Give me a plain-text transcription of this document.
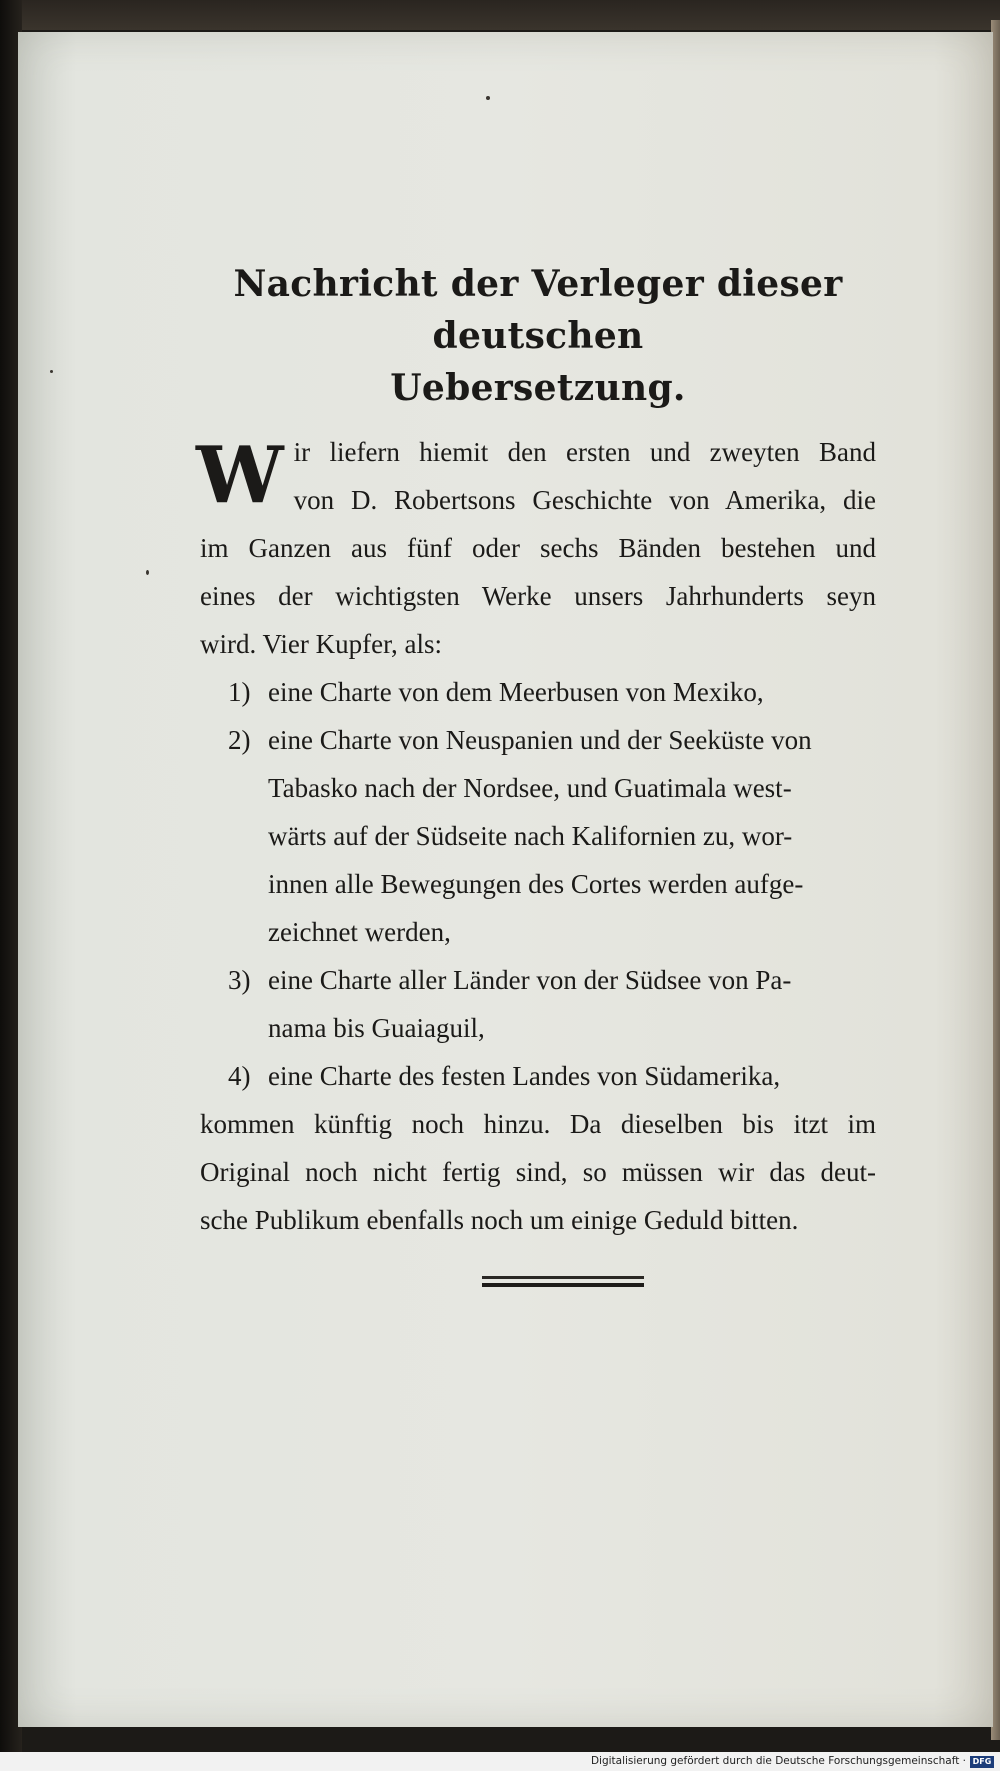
Nachricht der Verleger dieser deutschen
Uebersetzung.
W ir liefern hiemit den ersten und zweyten Band
von D. Robertsons Geschichte von Amerika, die
im Ganzen aus fünf oder sechs Bänden bestehen und
eines der wichtigsten Werke unsers Jahrhunderts seyn
wird. Vier Kupfer, als:
1) eine Charte von dem Meerbusen von Mexiko,
2) eine Charte von Neuspanien und der Seeküste von
Tabasko nach der Nordsee, und Guatimala west-
wärts auf der Südseite nach Kalifornien zu, wor-
innen alle Bewegungen des Cortes werden aufge-
zeichnet werden,
3) eine Charte aller Länder von der Südsee von Pa-
nama bis Guaiaguil,
4) eine Charte des festen Landes von Südamerika,
kommen künftig noch hinzu. Da dieselben bis itzt im
Original noch nicht fertig sind, so müssen wir das deut-
sche Publikum ebenfalls noch um einige Geduld bitten.
Digitalisierung gefördert durch die Deutsche Forschungsgemeinschaft · DFG
